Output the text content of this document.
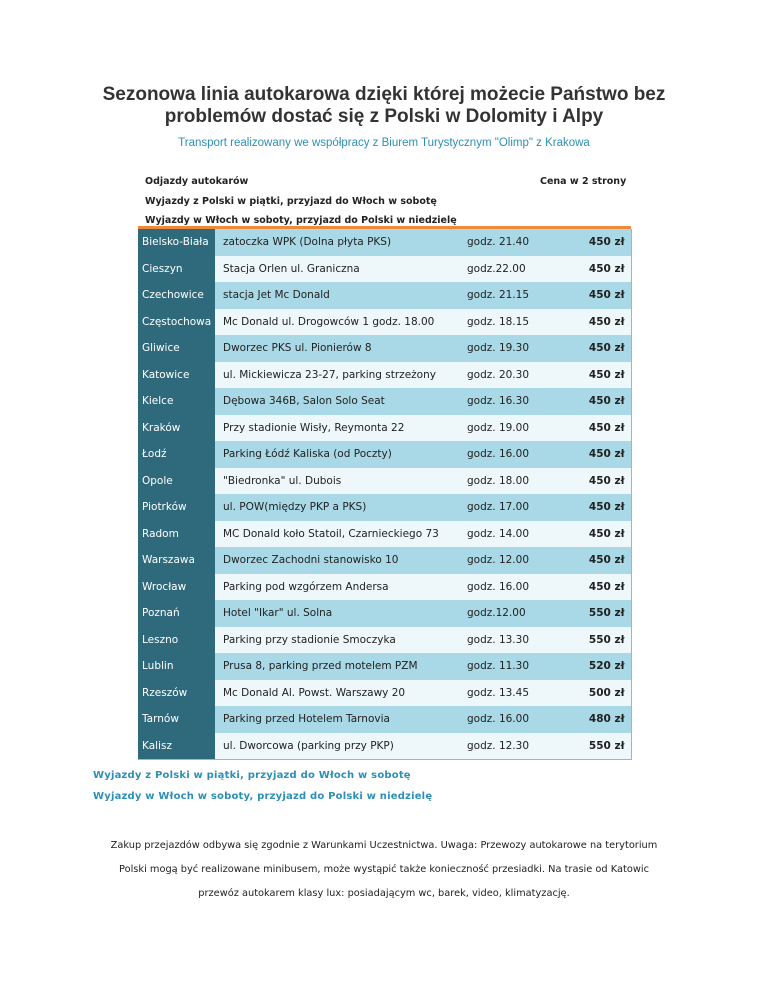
Sezonowa linia autokarowa dzięki której możecie Państwo bez problemów dostać się z Polski w Dolomity i Alpy
Transport realizowany we współpracy z Biurem Turystycznym "Olimp" z Krakowa
Odjazdy autokarów	Cena w 2 strony
Wyjazdy z Polski w piątki, przyjazd do Włoch w sobotę
Wyjazdy w Włoch w soboty, przyjazd do Polski w niedzielę
Bielsko-Biała	zatoczka WPK (Dolna płyta PKS)	godz. 21.40	450 zł
Cieszyn	Stacja Orlen ul. Graniczna	godz.22.00	450 zł
Czechowice	stacja Jet Mc Donald	godz. 21.15	450 zł
Częstochowa	Mc Donald ul. Drogowców 1 godz. 18.00	godz. 18.15	450 zł
Gliwice	Dworzec PKS ul. Pionierów 8	godz. 19.30	450 zł
Katowice	ul. Mickiewicza 23-27, parking strzeżony	godz. 20.30	450 zł
Kielce	Dębowa 346B, Salon Solo Seat	godz. 16.30	450 zł
Kraków	Przy stadionie Wisły, Reymonta 22	godz. 19.00	450 zł
Łodź	Parking Łódź Kaliska (od Poczty)	godz. 16.00	450 zł
Opole	"Biedronka" ul. Dubois	godz. 18.00	450 zł
Piotrków	ul. POW(między PKP a PKS)	godz. 17.00	450 zł
Radom	MC Donald koło Statoil, Czarnieckiego 73	godz. 14.00	450 zł
Warszawa	Dworzec Zachodni stanowisko 10	godz. 12.00	450 zł
Wrocław	Parking pod wzgórzem Andersa	godz. 16.00	450 zł
Poznań	Hotel "Ikar" ul. Solna	godz.12.00	550 zł
Leszno	Parking przy stadionie Smoczyka	godz. 13.30	550 zł
Lublin	Prusa 8, parking przed motelem PZM	godz. 11.30	520 zł
Rzeszów	Mc Donald Al. Powst. Warszawy 20	godz. 13.45	500 zł
Tarnów	Parking przed Hotelem Tarnovia	godz. 16.00	480 zł
Kalisz	ul. Dworcowa (parking przy PKP)	godz. 12.30	550 zł
Wyjazdy z Polski w piątki, przyjazd do Włoch w sobotę
Wyjazdy w Włoch w soboty, przyjazd do Polski w niedzielę
Zakup przejazdów odbywa się zgodnie z Warunkami Uczestnictwa. Uwaga: Przewozy autokarowe na terytorium
Polski mogą być realizowane minibusem, może wystąpić także konieczność przesiadki. Na trasie od Katowic
przewóz autokarem klasy lux: posiadającym wc, barek, video, klimatyzację.
